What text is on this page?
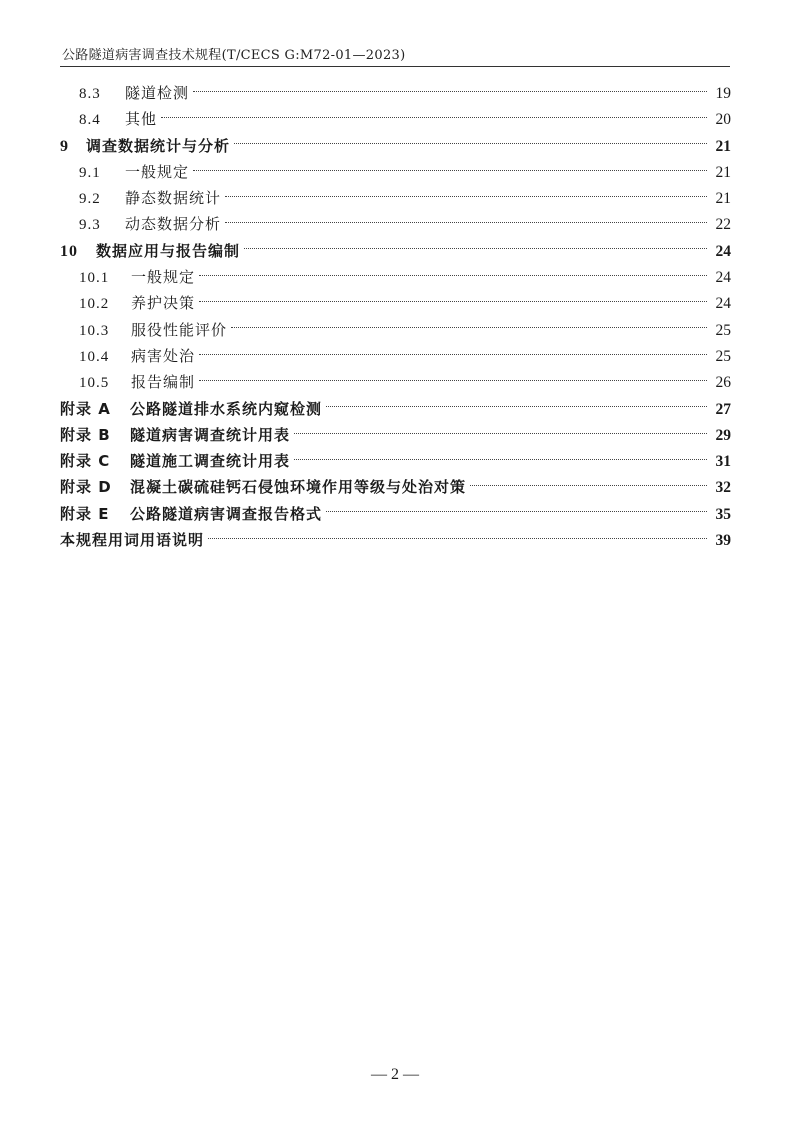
公路隧道病害调查技术规程(T/CECS G:M72-01—2023)
8.3	隧道检测	19
8.4	其他	20
9	调查数据统计与分析	21
9.1	一般规定	21
9.2	静态数据统计	21
9.3	动态数据分析	22
10	数据应用与报告编制	24
10.1	一般规定	24
10.2	养护决策	24
10.3	服役性能评价	25
10.4	病害处治	25
10.5	报告编制	26
附录 A	公路隧道排水系统内窥检测	27
附录 B	隧道病害调查统计用表	29
附录 C	隧道施工调查统计用表	31
附录 D	混凝土碳硫硅钙石侵蚀环境作用等级与处治对策	32
附录 E	公路隧道病害调查报告格式	35
本规程用词用语说明	39
— 2 —
